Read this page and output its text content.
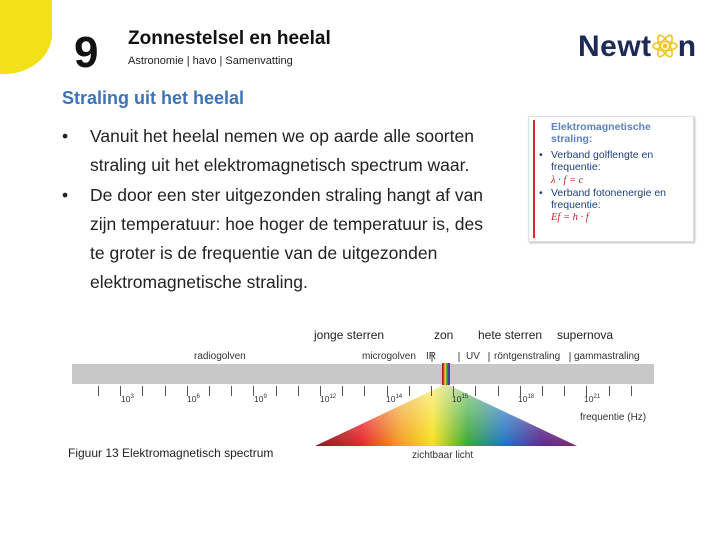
9 Zonnestelsel en heelal
Astronomie | havo | Samenvatting	Newt n
Straling uit het heelal
• Vanuit het heelal nemen we op aarde alle soorten straling uit het elektromagnetisch spectrum waar.
• De door een ster uitgezonden straling hangt af van zijn temperatuur: hoe hoger de temperatuur is, des te groter is de frequentie van de uitgezonden elektromagnetische straling.
Elektromagnetische straling:
• Verband golflengte en frequentie:
λ · f = c
• Verband fotonenergie en frequentie:
Ef = h · f
jonge sterren	zon hete sterren supernova
radiogolven	microgolven IR	UV röntgenstraling gammastraling
$10^3$	$10^6$	$10^9$	$10^{12}$	$10^{14}$	$10^{15}$	$10^{18}$	$10^{21}$
frequentie (Hz)
zichtbaar licht
Figuur 13 Elektromagnetisch spectrum
